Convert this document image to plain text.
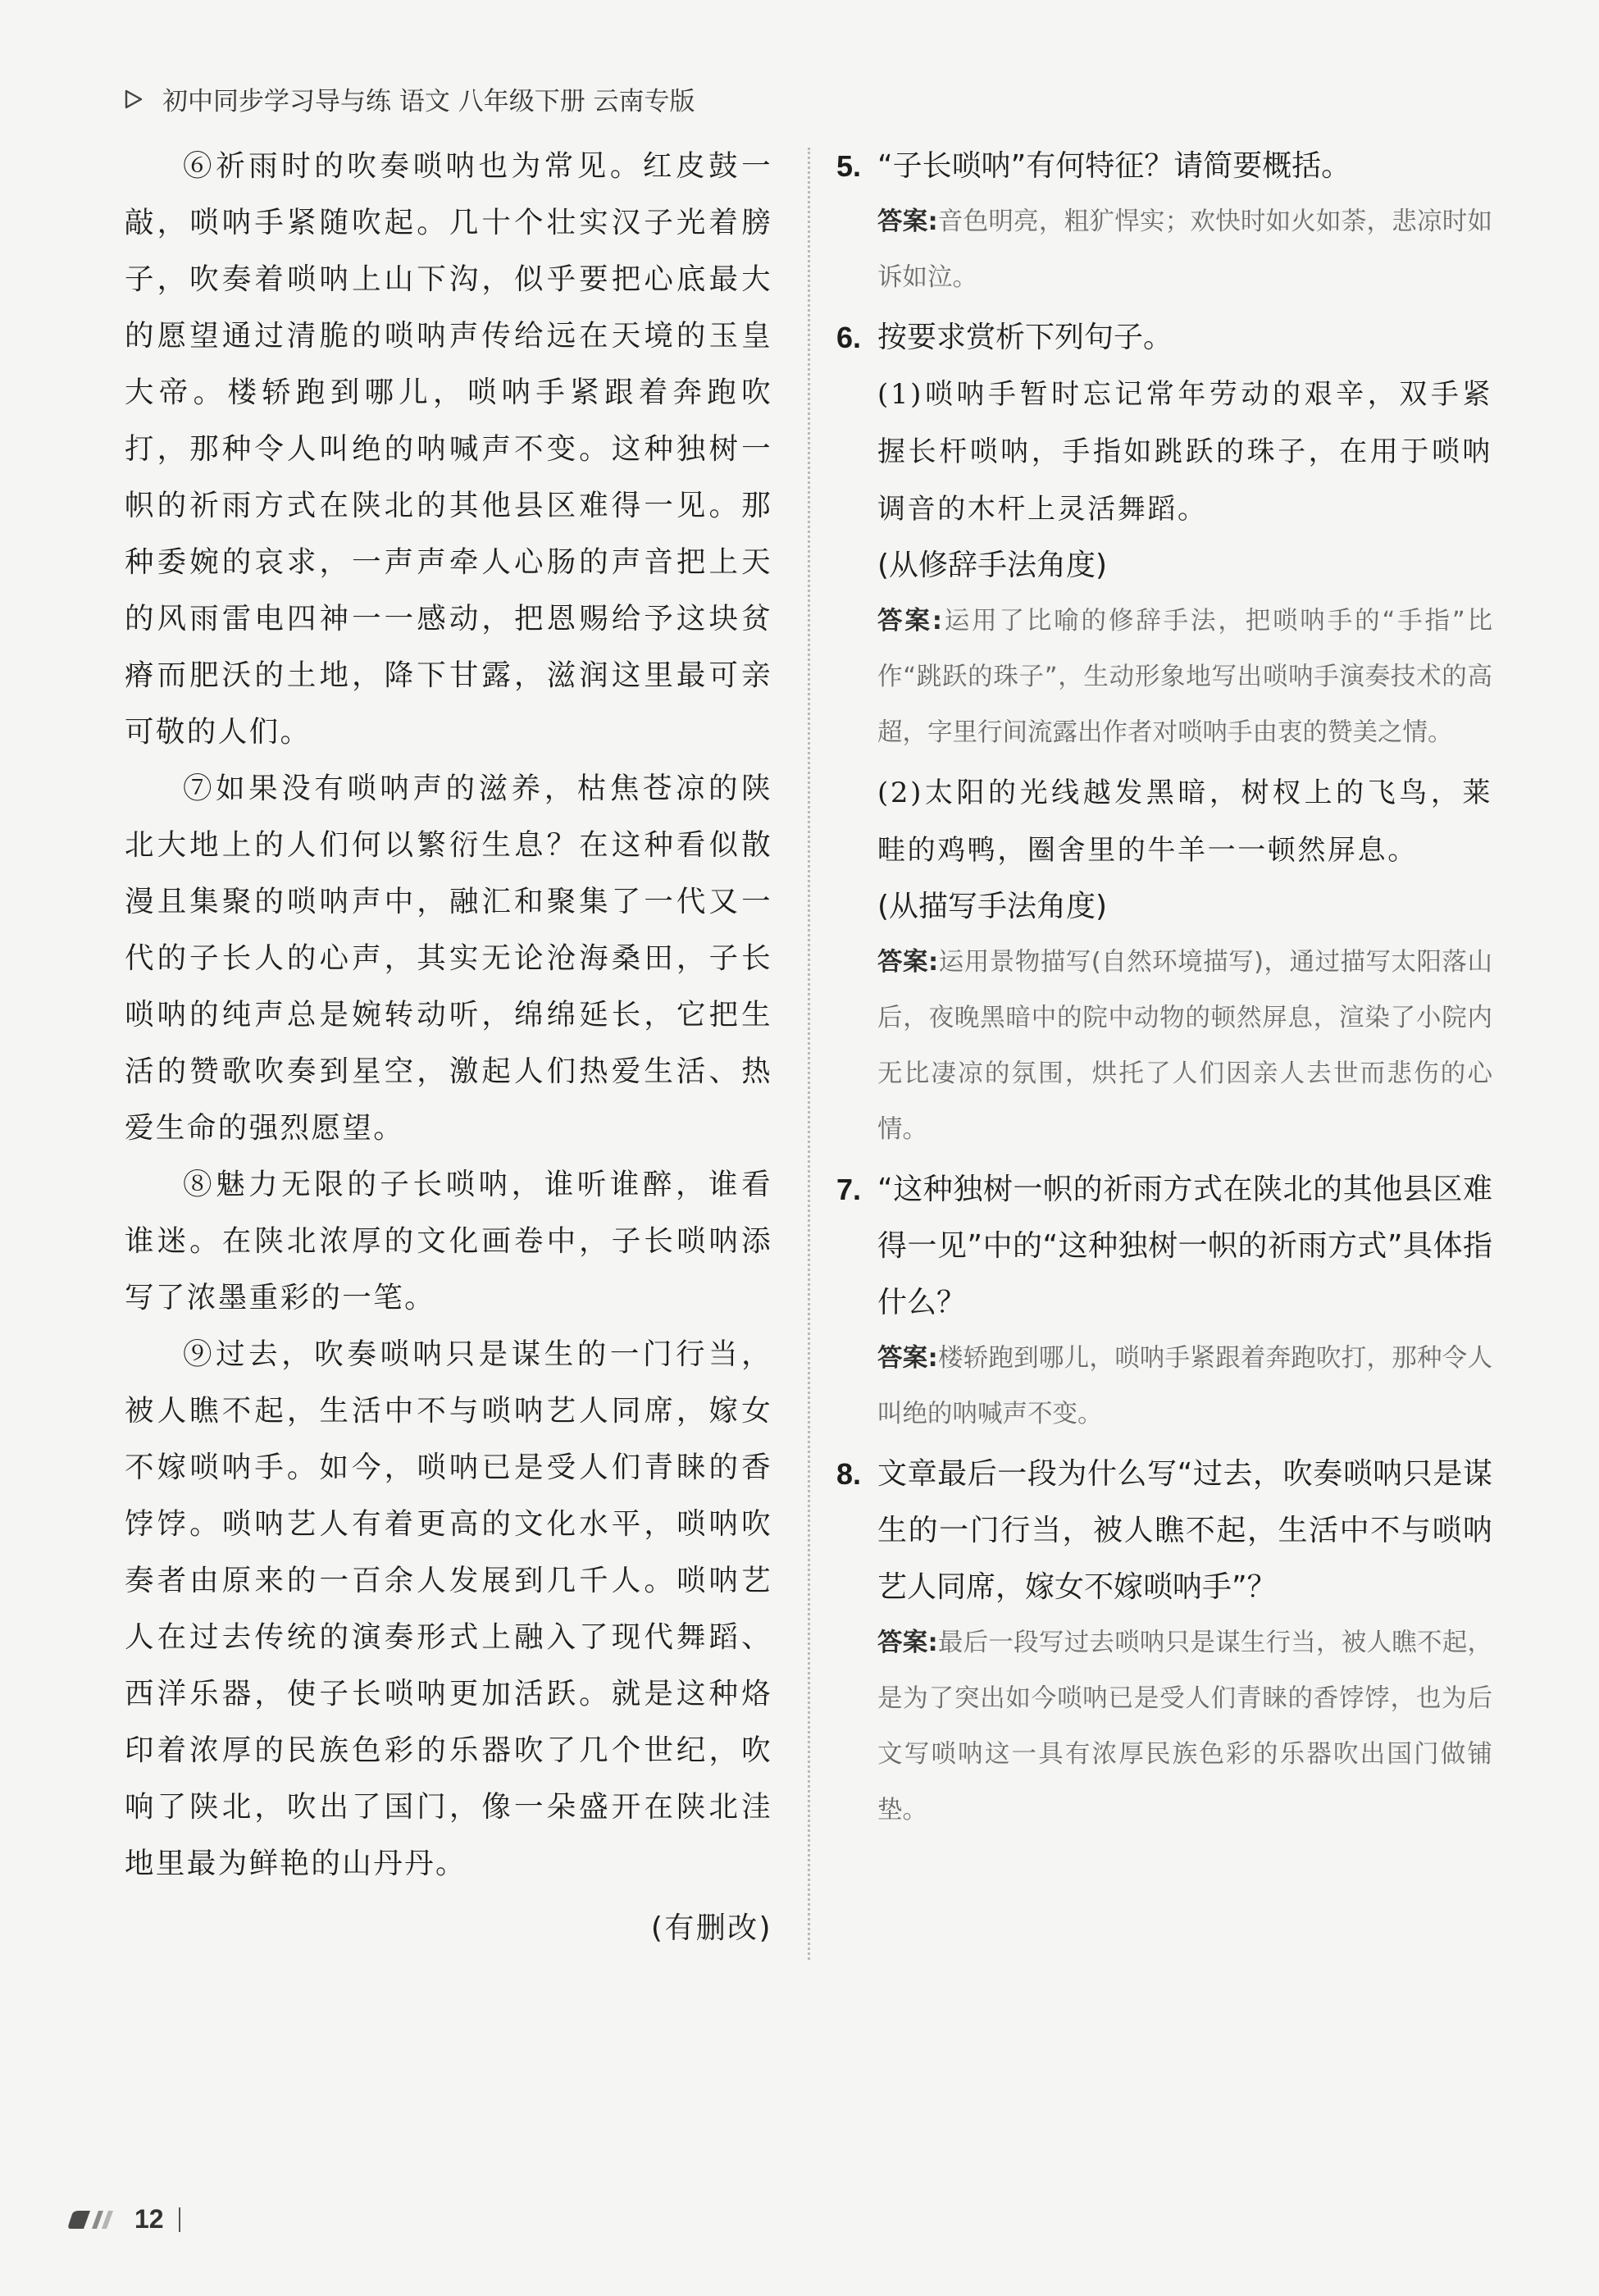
初中同步学习导与练 语文 八年级下册 云南专版

⑥祈雨时的吹奏唢呐也为常见。红皮鼓一敲，唢呐手紧随吹起。几十个壮实汉子光着膀子，吹奏着唢呐上山下沟，似乎要把心底最大的愿望通过清脆的唢呐声传给远在天境的玉皇大帝。楼轿跑到哪儿，唢呐手紧跟着奔跑吹打，那种令人叫绝的呐喊声不变。这种独树一帜的祈雨方式在陕北的其他县区难得一见。那种委婉的哀求，一声声牵人心肠的声音把上天的风雨雷电四神一一感动，把恩赐给予这块贫瘠而肥沃的土地，降下甘露，滋润这里最可亲可敬的人们。

⑦如果没有唢呐声的滋养，枯焦苍凉的陕北大地上的人们何以繁衍生息？在这种看似散漫且集聚的唢呐声中，融汇和聚集了一代又一代的子长人的心声，其实无论沧海桑田，子长唢呐的纯声总是婉转动听，绵绵延长，它把生活的赞歌吹奏到星空，激起人们热爱生活、热爱生命的强烈愿望。

⑧魅力无限的子长唢呐，谁听谁醉，谁看谁迷。在陕北浓厚的文化画卷中，子长唢呐添写了浓墨重彩的一笔。

⑨过去，吹奏唢呐只是谋生的一门行当，被人瞧不起，生活中不与唢呐艺人同席，嫁女不嫁唢呐手。如今，唢呐已是受人们青睐的香饽饽。唢呐艺人有着更高的文化水平，唢呐吹奏者由原来的一百余人发展到几千人。唢呐艺人在过去传统的演奏形式上融入了现代舞蹈、西洋乐器，使子长唢呐更加活跃。就是这种烙印着浓厚的民族色彩的乐器吹了几个世纪，吹响了陕北，吹出了国门，像一朵盛开在陕北洼地里最为鲜艳的山丹丹。

(有删改)

5. “子长唢呐”有何特征？请简要概括。
答案:音色明亮，粗犷悍实；欢快时如火如荼，悲凉时如诉如泣。
6. 按要求赏析下列句子。
(1)唢呐手暂时忘记常年劳动的艰辛，双手紧握长杆唢呐，手指如跳跃的珠子，在用于唢呐调音的木杆上灵活舞蹈。
(从修辞手法角度)
答案:运用了比喻的修辞手法，把唢呐手的“手指”比作“跳跃的珠子”，生动形象地写出唢呐手演奏技术的高超，字里行间流露出作者对唢呐手由衷的赞美之情。
(2)太阳的光线越发黑暗，树杈上的飞鸟，莱畦的鸡鸭，圈舍里的牛羊一一顿然屏息。
(从描写手法角度)
答案:运用景物描写(自然环境描写)，通过描写太阳落山后，夜晚黑暗中的院中动物的顿然屏息，渲染了小院内无比凄凉的氛围，烘托了人们因亲人去世而悲伤的心情。
7. “这种独树一帜的祈雨方式在陕北的其他县区难得一见”中的“这种独树一帜的祈雨方式”具体指什么？
答案:楼轿跑到哪儿，唢呐手紧跟着奔跑吹打，那种令人叫绝的呐喊声不变。
8. 文章最后一段为什么写“过去，吹奏唢呐只是谋生的一门行当，被人瞧不起，生活中不与唢呐艺人同席，嫁女不嫁唢呐手”？
答案:最后一段写过去唢呐只是谋生行当，被人瞧不起，是为了突出如今唢呐已是受人们青睐的香饽饽，也为后文写唢呐这一具有浓厚民族色彩的乐器吹出国门做铺垫。
12
